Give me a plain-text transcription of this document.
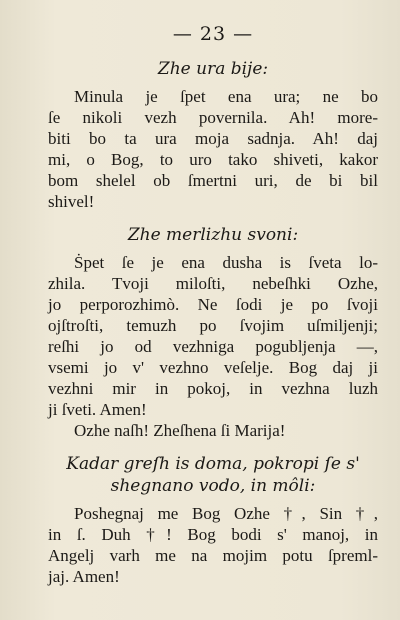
— 23 —
Zhe ura bije:
Minula je ſpet ena ura; ne bo
ſe nikoli vezh povernila. Ah! more-
biti bo ta ura moja sadnja. Ah! daj
mi, o Bog, to uro tako shiveti, kakor
bom shelel ob ſmertni uri, de bi bil
shivel!
Zhe merlizhu svoni:
Ṡpet ſe je ena dusha is ſveta lo-
zhila. Tvoji miloſti, nebeſhki Ozhe,
jo perporozhimò. Ne ſodi je po ſvoji
ojſtroſti, temuzh po ſvojim uſmiljenji;
reſhi jo od vezhniga pogubljenja —,
vsemi jo v' vezhno veſelje. Bog daj ji
vezhni mir in pokoj, in vezhna luzh
ji ſveti. Amen!
Ozhe naſh! Zheſhena ſi Marija!
Kadar greſh is doma, pokropi ſe s' shegnano vodo, in môli:
Poshegnaj me Bog Ozhe †, Sin †,
in ſ. Duh †! Bog bodi s' manoj, in
Angelj varh me na mojim potu ſpreml-
jaj. Amen!
